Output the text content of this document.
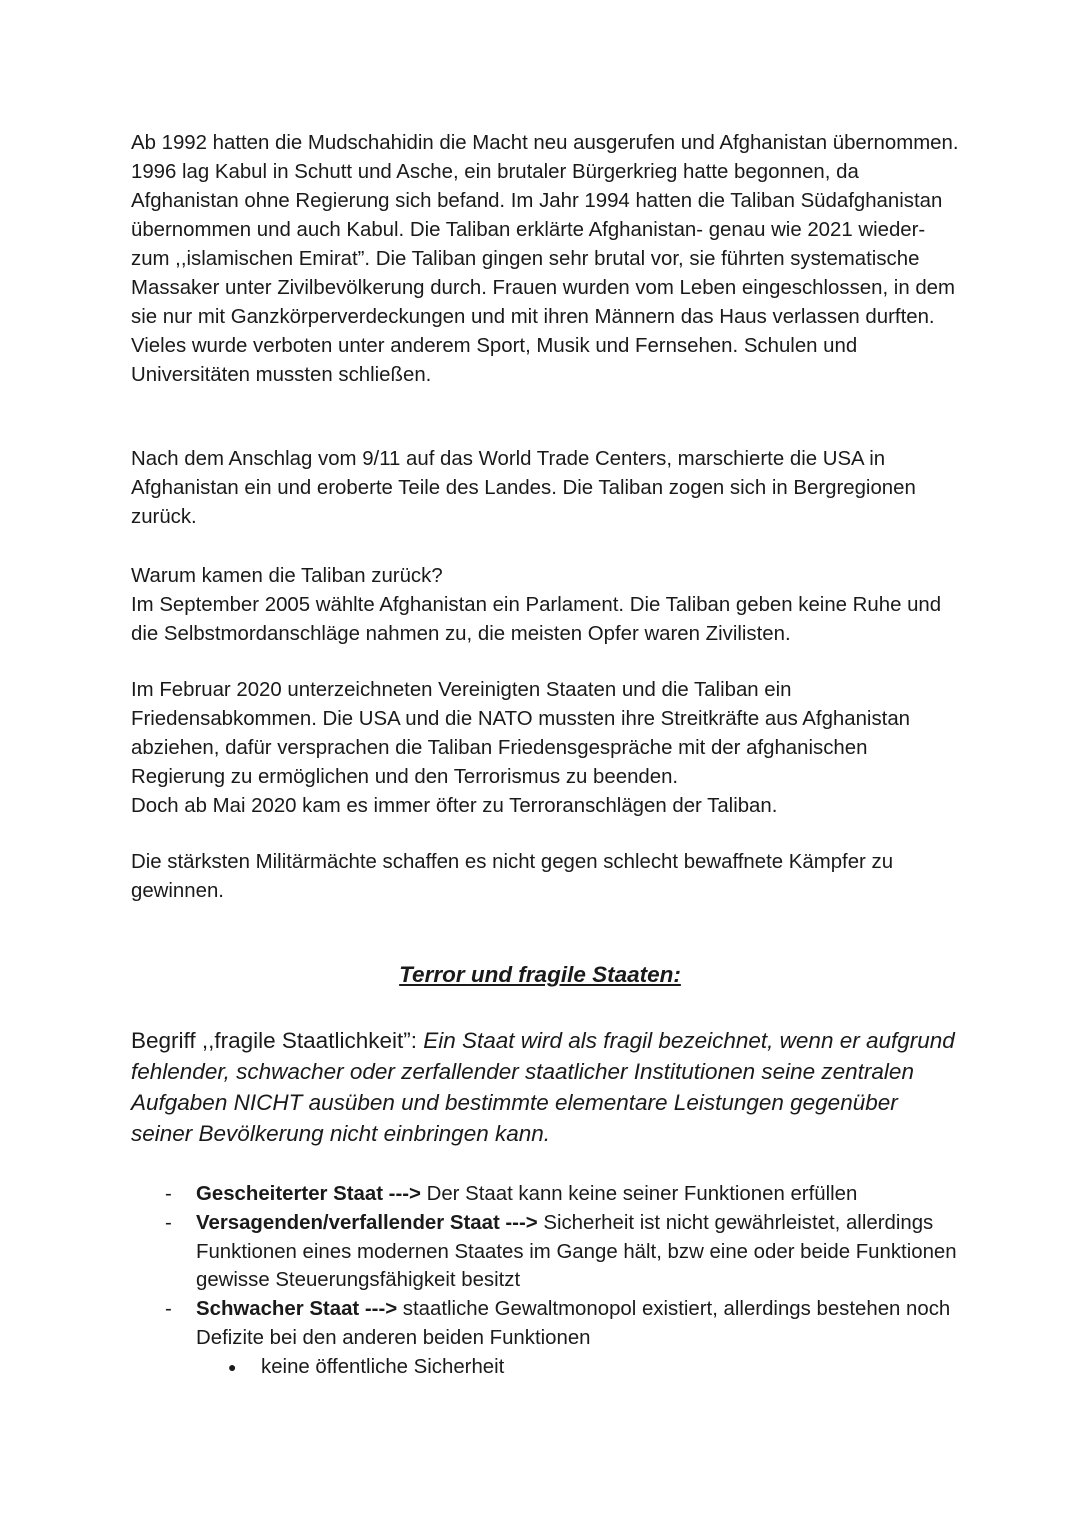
Ab 1992 hatten die Mudschahidin die Macht neu ausgerufen und Afghanistan übernommen. 1996 lag Kabul in Schutt und Asche, ein brutaler Bürgerkrieg hatte begonnen, da Afghanistan ohne Regierung sich befand. Im Jahr 1994 hatten die Taliban Südafghanistan übernommen und auch Kabul. Die Taliban erklärte Afghanistan- genau wie 2021 wieder- zum ,,islamischen Emirat”. Die Taliban gingen sehr brutal vor, sie führten systematische Massaker unter Zivilbevölkerung durch. Frauen wurden vom Leben eingeschlossen, in dem sie nur mit Ganzkörperverdeckungen und mit ihren Männern das Haus verlassen durften. Vieles wurde verboten unter anderem Sport, Musik und Fernsehen. Schulen und Universitäten mussten schließen.

Nach dem Anschlag vom 9/11 auf das World Trade Centers, marschierte die USA in Afghanistan ein und eroberte Teile des Landes. Die Taliban zogen sich in Bergregionen zurück.

Warum kamen die Taliban zurück?
Im September 2005 wählte Afghanistan ein Parlament. Die Taliban geben keine Ruhe und die Selbstmordanschläge nahmen zu, die meisten Opfer waren Zivilisten.
Im Februar 2020 unterzeichneten Vereinigten Staaten und die Taliban ein Friedensabkommen. Die USA und die NATO mussten ihre Streitkräfte aus Afghanistan abziehen, dafür versprachen die Taliban Friedensgespräche mit der afghanischen Regierung zu ermöglichen und den Terrorismus zu beenden.
Doch ab Mai 2020 kam es immer öfter zu Terroranschlägen der Taliban.

Die stärksten Militärmächte schaffen es nicht gegen schlecht bewaffnete Kämpfer zu gewinnen.

Terror und fragile Staaten:

Begriff ,,fragile Staatlichkeit”: Ein Staat wird als fragil bezeichnet, wenn er aufgrund fehlender, schwacher oder zerfallender staatlicher Institutionen seine zentralen Aufgaben NICHT ausüben und bestimmte elementare Leistungen gegenüber seiner Bevölkerung nicht einbringen kann.

- Gescheiterter Staat ---> Der Staat kann keine seiner Funktionen erfüllen
- Versagenden/verfallender Staat ---> Sicherheit ist nicht gewährleistet, allerdings Funktionen eines modernen Staates im Gange hält, bzw eine oder beide Funktionen gewisse Steuerungsfähigkeit besitzt
- Schwacher Staat ---> staatliche Gewaltmonopol existiert, allerdings bestehen noch Defizite bei den anderen beiden Funktionen
● keine öffentliche Sicherheit
